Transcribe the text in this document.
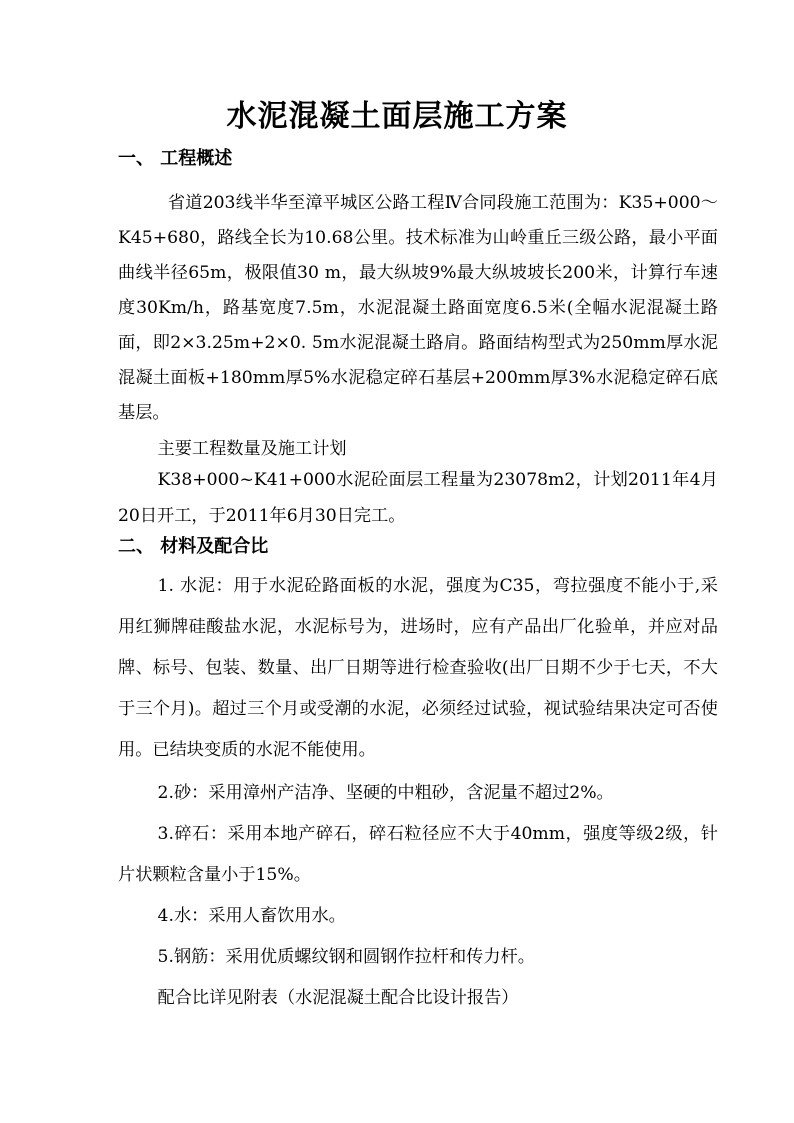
水泥混凝土面层施工方案
一、 工程概述
省道203线半华至漳平城区公路工程Ⅳ合同段施工范围为：K35+000～K45+680，路线全长为10.68公里。技术标准为山岭重丘三级公路，最小平面曲线半径65m，极限值30 m，最大纵坡9%最大纵坡坡长200米，计算行车速度30Km/h，路基宽度7.5m，水泥混凝土路面宽度6.5米(全幅水泥混凝土路面，即2×3.25m+2×0. 5m水泥混凝土路肩。路面结构型式为250mm厚水泥混凝土面板+180mm厚5%水泥稳定碎石基层+200mm厚3%水泥稳定碎石底基层。
主要工程数量及施工计划
K38+000~K41+000水泥砼面层工程量为23078m2，计划2011年4月20日开工，于2011年6月30日完工。
二、 材料及配合比
1. 水泥：用于水泥砼路面板的水泥，强度为C35，弯拉强度不能小于,采用红狮牌硅酸盐水泥，水泥标号为，进场时，应有产品出厂化验单，并应对品牌、标号、包装、数量、出厂日期等进行检查验收(出厂日期不少于七天，不大于三个月)。超过三个月或受潮的水泥，必须经过试验，视试验结果决定可否使用。已结块变质的水泥不能使用。
2.砂：采用漳州产洁净、坚硬的中粗砂，含泥量不超过2%。
3.碎石：采用本地产碎石，碎石粒径应不大于40mm，强度等级2级，针片状颗粒含量小于15%。
4.水：采用人畜饮用水。
5.钢筋：采用优质螺纹钢和圆钢作拉杆和传力杆。
配合比详见附表（水泥混凝土配合比设计报告）
